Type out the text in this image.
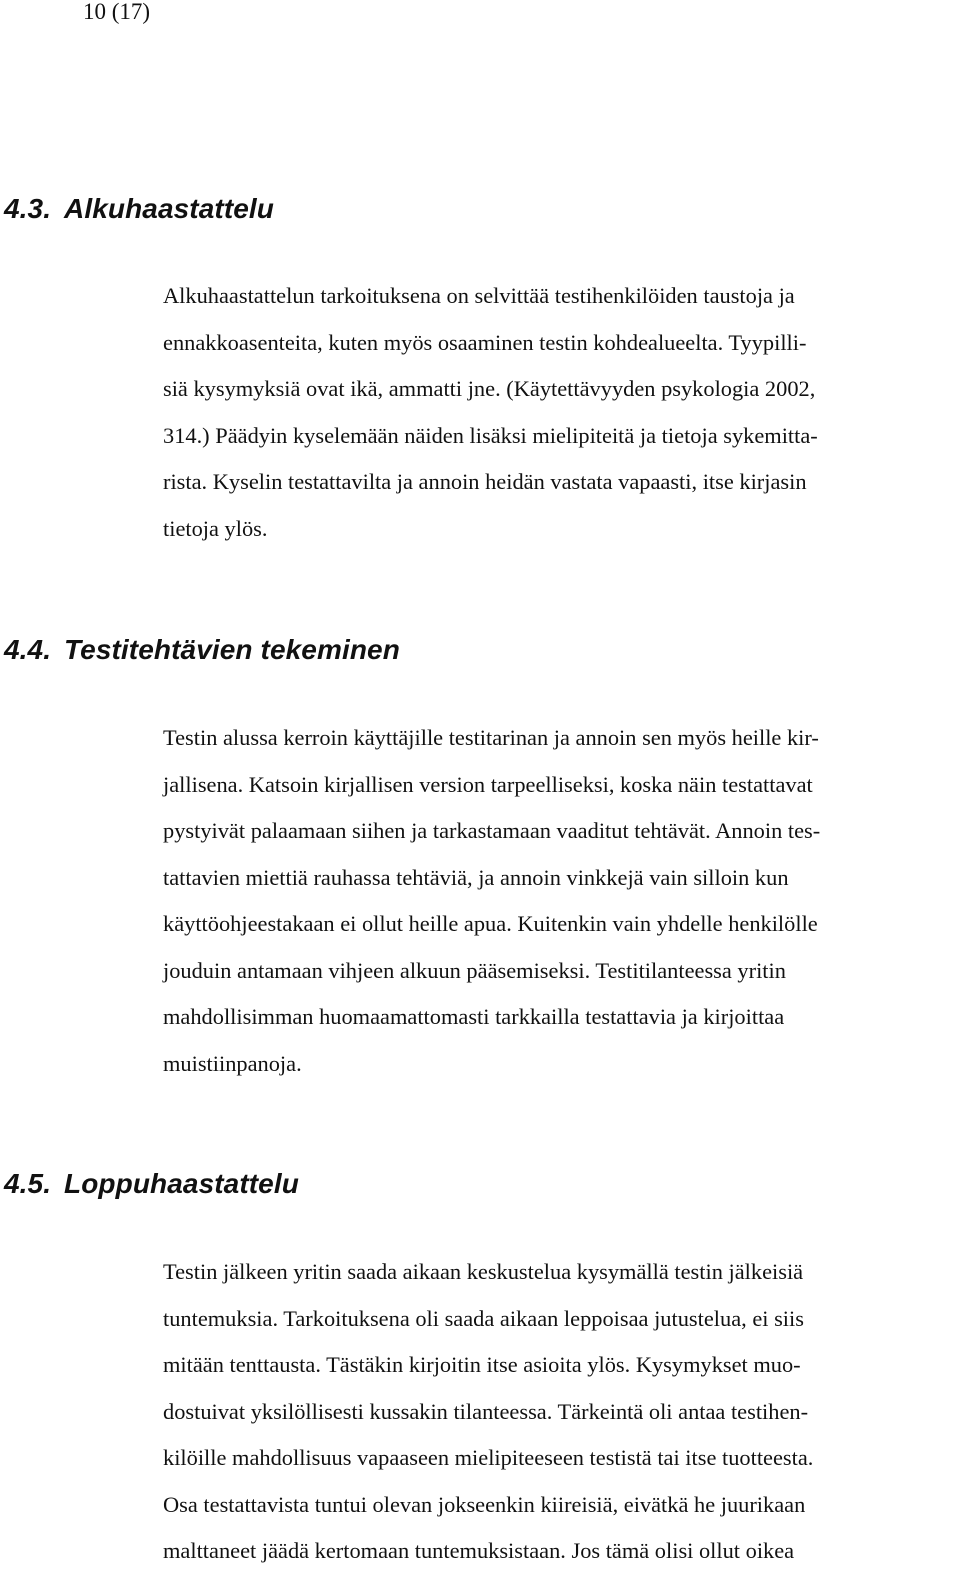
10 (17)
4.3. Alkuhaastattelu
Alkuhaastattelun tarkoituksena on selvittää testihenkilöiden taustoja ja
ennakkoasenteita, kuten myös osaaminen testin kohdealueelta. Tyypilli-
siä kysymyksiä ovat ikä, ammatti jne. (Käytettävyyden psykologia 2002,
314.) Päädyin kyselemään näiden lisäksi mielipiteitä ja tietoja sykemitta-
rista. Kyselin testattavilta ja annoin heidän vastata vapaasti, itse kirjasin
tietoja ylös.
4.4. Testitehtävien tekeminen
Testin alussa kerroin käyttäjille testitarinan ja annoin sen myös heille kir-
jallisena. Katsoin kirjallisen version tarpeelliseksi, koska näin testattavat
pystyivät palaamaan siihen ja tarkastamaan vaaditut tehtävät. Annoin tes-
tattavien miettiä rauhassa tehtäviä, ja annoin vinkkejä vain silloin kun
käyttöohjeestakaan ei ollut heille apua. Kuitenkin vain yhdelle henkilölle
jouduin antamaan vihjeen alkuun pääsemiseksi. Testitilanteessa yritin
mahdollisimman huomaamattomasti tarkkailla testattavia ja kirjoittaa
muistiinpanoja.
4.5. Loppuhaastattelu
Testin jälkeen yritin saada aikaan keskustelua kysymällä testin jälkeisiä
tuntemuksia. Tarkoituksena oli saada aikaan leppoisaa jutustelua, ei siis
mitään tenttausta. Tästäkin kirjoitin itse asioita ylös. Kysymykset muo-
dostuivat yksilöllisesti kussakin tilanteessa. Tärkeintä oli antaa testihen-
kilöille mahdollisuus vapaaseen mielipiteeseen testistä tai itse tuotteesta.
Osa testattavista tuntui olevan jokseenkin kiireisiä, eivätkä he juurikaan
malttaneet jäädä kertomaan tuntemuksistaan. Jos tämä olisi ollut oikea
